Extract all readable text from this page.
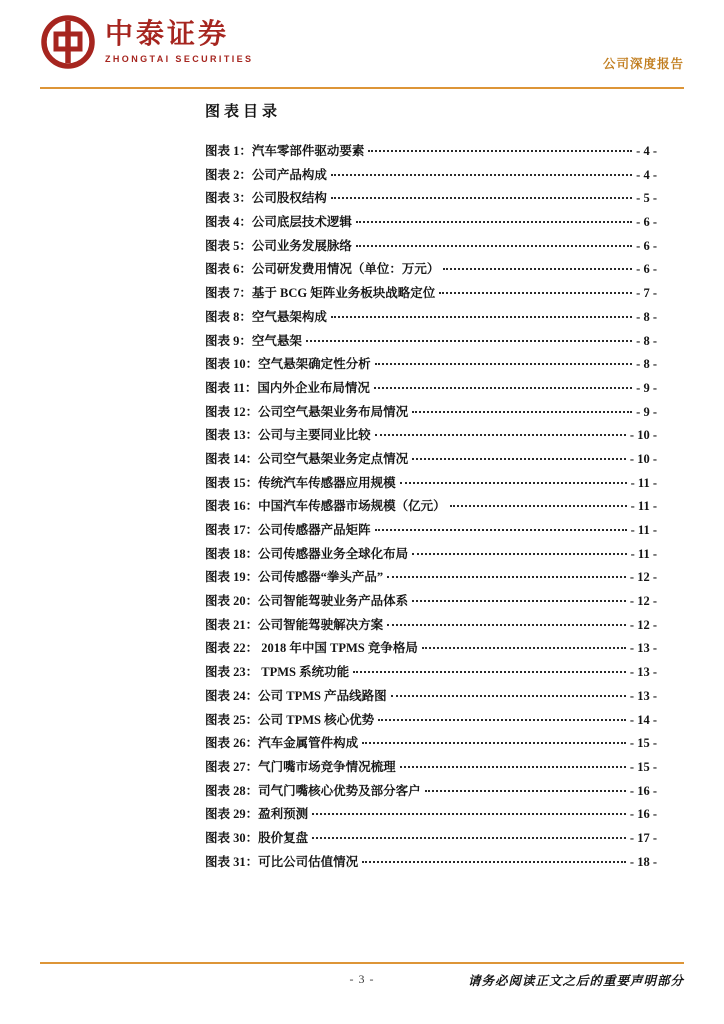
中泰证券
ZHONGTAI SECURITIES	公司深度报告
图表目录
图表 1：汽车零部件驱动要素	- 4 -
图表 2：公司产品构成	- 4 -
图表 3：公司股权结构	- 5 -
图表 4：公司底层技术逻辑	- 6 -
图表 5：公司业务发展脉络	- 6 -
图表 6：公司研发费用情况（单位：万元）	- 6 -
图表 7：基于 BCG 矩阵业务板块战略定位	- 7 -
图表 8：空气悬架构成	- 8 -
图表 9：空气悬架	- 8 -
图表 10：空气悬架确定性分析	- 8 -
图表 11：国内外企业布局情况	- 9 -
图表 12：公司空气悬架业务布局情况	- 9 -
图表 13：公司与主要同业比较	- 10 -
图表 14：公司空气悬架业务定点情况	- 10 -
图表 15：传统汽车传感器应用规模	- 11 -
图表 16：中国汽车传感器市场规模（亿元）	- 11 -
图表 17：公司传感器产品矩阵	- 11 -
图表 18：公司传感器业务全球化布局	- 11 -
图表 19：公司传感器“拳头产品”	- 12 -
图表 20：公司智能驾驶业务产品体系	- 12 -
图表 21：公司智能驾驶解决方案	- 12 -
图表 22： 2018 年中国 TPMS 竞争格局	- 13 -
图表 23： TPMS 系统功能	- 13 -
图表 24：公司 TPMS 产品线路图	- 13 -
图表 25：公司 TPMS 核心优势	- 14 -
图表 26：汽车金属管件构成	- 15 -
图表 27：气门嘴市场竞争情况梳理	- 15 -
图表 28：司气门嘴核心优势及部分客户	- 16 -
图表 29：盈利预测	- 16 -
图表 30：股价复盘	- 17 -
图表 31：可比公司估值情况	- 18 -
- 3 -	请务必阅读正文之后的重要声明部分
